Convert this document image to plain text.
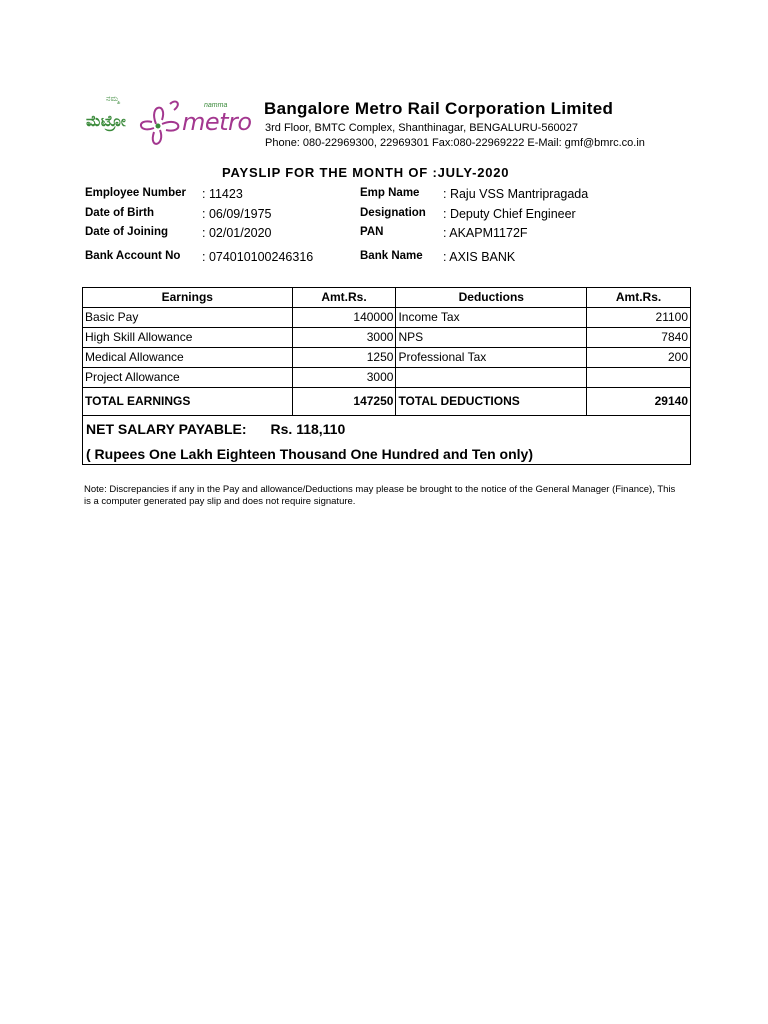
ನಮ್ಮ
ಮೆಟ್ರೋ
namma
metro Bangalore Metro Rail Corporation Limited
3rd Floor, BMTC Complex, Shanthinagar, BENGALURU-560027
Phone: 080-22969300, 22969301 Fax:080-22969222 E-Mail: gmf@bmrc.co.in
PAYSLIP FOR THE MONTH OF :JULY-2020
Employee Number : 11423
Date of Birth	: 06/09/1975
Date of Joining	: 02/01/2020
Bank Account No : 074010100246316
Emp Name : Raju VSS Mantripragada
Designation : Deputy Chief Engineer
PAN	: AKAPM1172F
Bank Name : AXIS BANK
Earnings	Amt.Rs.	Deductions	Amt.Rs.
Basic Pay	140000	Income Tax	21100
High Skill Allowance	3000	NPS	7840
Medical Allowance	1250	Professional Tax	200
Project Allowance	3000		
TOTAL EARNINGS	147250	TOTAL DEDUCTIONS	29140

NET SALARY PAYABLE: Rs. 118,110
( Rupees One Lakh Eighteen Thousand One Hundred and Ten only)			
Note: Discrepancies if any in the Pay and allowance/Deductions may please be brought to the notice of the General Manager (Finance), This is a computer generated pay slip and does not require signature.
